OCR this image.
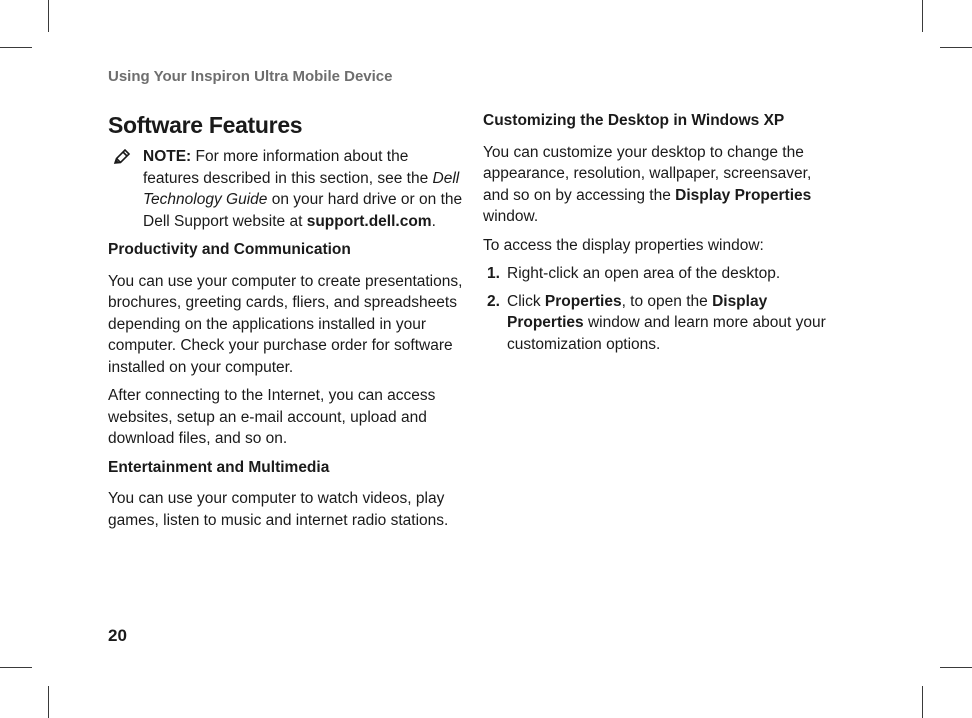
Using Your Inspiron Ultra Mobile Device
Software Features
NOTE: For more information about the features described in this section, see the Dell Technology Guide on your hard drive or on the Dell Support website at support.dell.com.
Productivity and Communication

You can use your computer to create presentations, brochures, greeting cards, fliers, and spreadsheets depending on the applications installed in your computer. Check your purchase order for software installed on your computer.

After connecting to the Internet, you can access websites, setup an e-mail account, upload and download files, and so on.

Entertainment and Multimedia

You can use your computer to watch videos, play games, listen to music and internet radio stations.

Customizing the Desktop in Windows XP

You can customize your desktop to change the appearance, resolution, wallpaper, screensaver, and so on by accessing the Display Properties window.

To access the display properties window:

1. Right-click an open area of the desktop.
2. Click Properties, to open the Display Properties window and learn more about your customization options.
20
